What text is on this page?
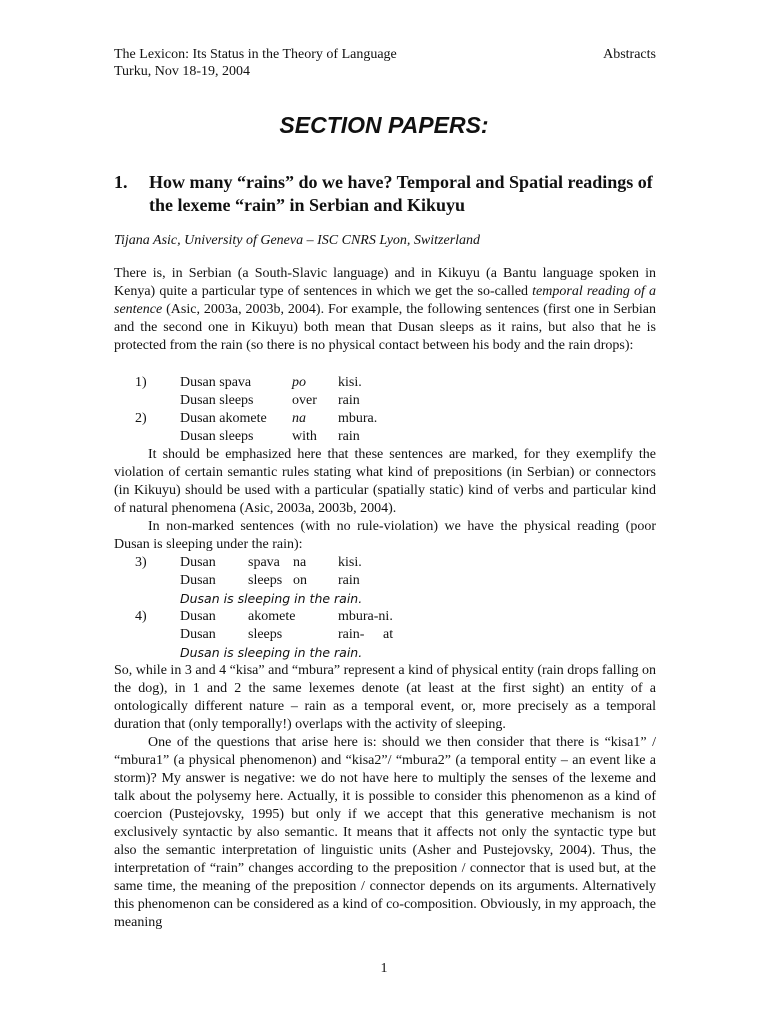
The Lexicon: Its Status in the Theory of Language
Turku, Nov 18-19, 2004
Abstracts
SECTION PAPERS:
1. How many “rains” do we have? Temporal and Spatial readings of the lexeme “rain” in Serbian and Kikuyu
Tijana Asic, University of Geneva – ISC CNRS Lyon, Switzerland

There is, in Serbian (a South-Slavic language) and in Kikuyu (a Bantu language spoken in Kenya) quite a particular type of sentences in which we get the so-called temporal reading of a sentence (Asic, 2003a, 2003b, 2004). For example, the following sentences (first one in Serbian and the second one in Kikuyu) both mean that Dusan sleeps as it rains, but also that he is protected from the rain (so there is no physical contact between his body and the rain drops):

1) Dusan spava	po kisi.
Dusan sleeps	over rain
2) Dusan akomete na mbura.
Dusan sleeps	with rain

It should be emphasized here that these sentences are marked, for they exemplify the violation of certain semantic rules stating what kind of prepositions (in Serbian) or connectors (in Kikuyu) should be used with a particular (spatially static) kind of verbs and particular kind of natural phenomena (Asic, 2003a, 2003b, 2004).

In non-marked sentences (with no rule-violation) we have the physical reading (poor Dusan is sleeping under the rain):

3) Dusan spava na kisi.
Dusan sleeps on rain
Dusan is sleeping in the rain.
4) Dusan akomete	mbura-ni.
Dusan sleeps	rain- at
Dusan is sleeping in the rain.

So, while in 3 and 4 “kisa” and “mbura” represent a kind of physical entity (rain drops falling on the dog), in 1 and 2 the same lexemes denote (at least at the first sight) an entity of a ontologically different nature – rain as a temporal event, or, more precisely as a temporal duration that (only temporally!) overlaps with the activity of sleeping.

One of the questions that arise here is: should we then consider that there is “kisa1” / “mbura1” (a physical phenomenon) and “kisa2”/ “mbura2” (a temporal entity – an event like a storm)? My answer is negative: we do not have here to multiply the senses of the lexeme and talk about the polysemy here. Actually, it is possible to consider this phenomenon as a kind of coercion (Pustejovsky, 1995) but only if we accept that this generative mechanism is not exclusively syntactic by also semantic. It means that it affects not only the syntactic type but also the semantic interpretation of linguistic units (Asher and Pustejovsky, 2004). Thus, the interpretation of “rain” changes according to the preposition / connector that is used but, at the same time, the meaning of the preposition / connector depends on its arguments. Alternatively this phenomenon can be considered as a kind of co-composition. Obviously, in my approach, the meaning

1
